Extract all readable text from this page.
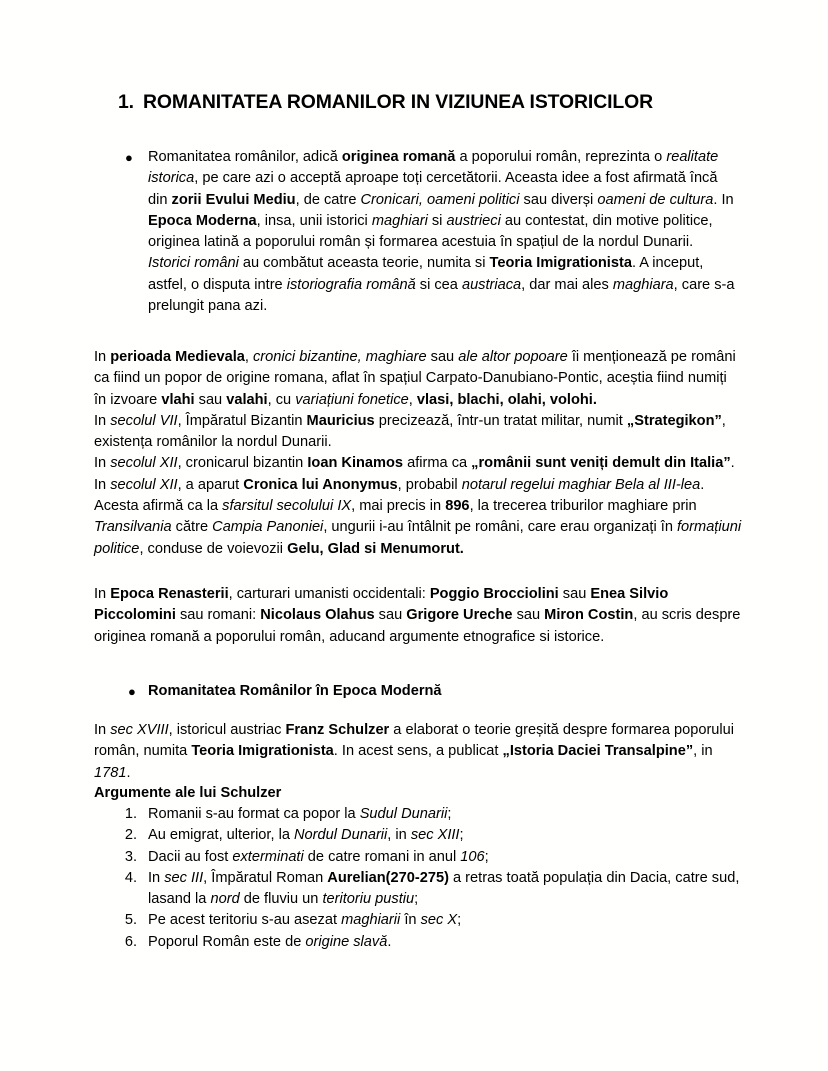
1. ROMANITATEA ROMANILOR IN VIZIUNEA ISTORICILOR
●	Romanitatea românilor, adică originea romană a poporului român, reprezinta o realitate istorica, pe care azi o acceptă aproape toți cercetătorii. Aceasta idee a fost afirmată încă din zorii Evului Mediu, de catre Cronicari, oameni politici sau diverși oameni de cultura. In Epoca Moderna, insa, unii istorici maghiari si austrieci au contestat, din motive politice, originea latină a poporului român și formarea acestuia în spațiul de la nordul Dunarii. Istorici români au combătut aceasta teorie, numita si Teoria Imigrationista. A inceput, astfel, o disputa intre istoriografia română si cea austriaca, dar mai ales maghiara, care s-a prelungit pana azi.

In perioada Medievala, cronici bizantine, maghiare sau ale altor popoare îi menționează pe români ca fiind un popor de origine romana, aflat în spațiul Carpato-Danubiano-Pontic, aceștia fiind numiți în izvoare vlahi sau valahi, cu variațiuni fonetice, vlasi, blachi, olahi, volohi.

In secolul VII, Împăratul Bizantin Mauricius precizează, într-un tratat militar, numit „Strategikon”, existența românilor la nordul Dunarii.

In secolul XII, cronicarul bizantin Ioan Kinamos afirma ca „românii sunt veniți demult din Italia”.

In secolul XII, a aparut Cronica lui Anonymus, probabil notarul regelui maghiar Bela al III-lea. Acesta afirmă ca la sfarsitul secolului IX, mai precis in 896, la trecerea triburilor maghiare prin Transilvania către Campia Panoniei, ungurii i-au întâlnit pe români, care erau organizați în formațiuni politice, conduse de voievozii Gelu, Glad si Menumorut.

In Epoca Renasterii, carturari umanisti occidentali: Poggio Brocciolini sau Enea Silvio Piccolomini sau romani: Nicolaus Olahus sau Grigore Ureche sau Miron Costin, au scris despre originea romană a poporului român, aducand argumente etnografice si istorice.

● Romanitatea Românilor în Epoca Modernă

In sec XVIII, istoricul austriac Franz Schulzer a elaborat o teorie greșită despre formarea poporului român, numita Teoria Imigrationista. In acest sens, a publicat „Istoria Daciei Transalpine”, in 1781.

Argumente ale lui Schulzer
1. Romanii s-au format ca popor la Sudul Dunarii;
2. Au emigrat, ulterior, la Nordul Dunarii, in sec XIII;
3. Dacii au fost exterminati de catre romani in anul 106;
4. In sec III, Împăratul Roman Aurelian(270-275) a retras toată populația din Dacia, catre sud, lasand la nord de fluviu un teritoriu pustiu;
5. Pe acest teritoriu s-au asezat maghiarii în sec X;
6. Poporul Român este de origine slavă.
